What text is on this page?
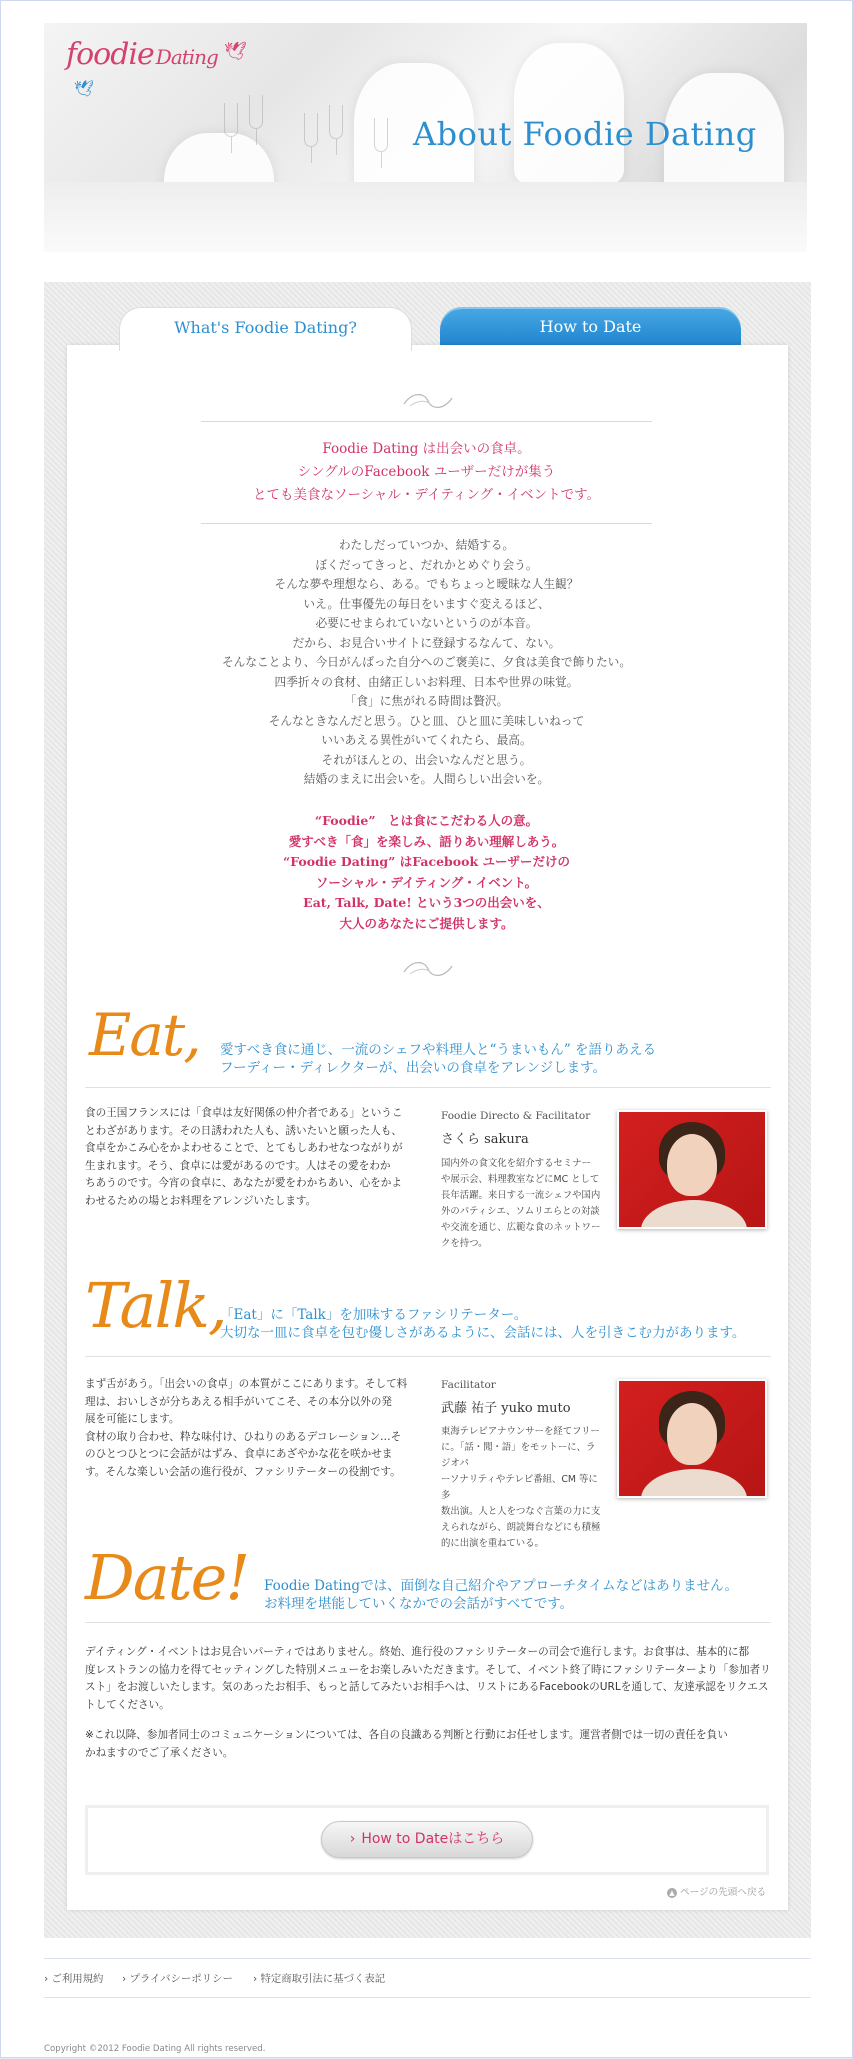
foodie Dating 🕊
🕊
About Foodie Dating
What's Foodie Dating?	How to Date
Foodie Dating は出会いの食卓。
シングルのFacebook ユーザーだけが集う
とても美食なソーシャル・デイティング・イベントです。
わたしだっていつか、結婚する。
ぼくだってきっと、だれかとめぐり会う。
そんな夢や理想なら、ある。でもちょっと曖昧な人生観？
いえ。仕事優先の毎日をいますぐ変えるほど、
必要にせまられていないというのが本音。
だから、お見合いサイトに登録するなんて、ない。
そんなことより、今日がんばった自分へのご褒美に、夕食は美食で飾りたい。
四季折々の食材、由緒正しいお料理、日本や世界の味覚。
「食」に焦がれる時間は贅沢。
そんなときなんだと思う。ひと皿、ひと皿に美味しいねって
いいあえる異性がいてくれたら、最高。
それがほんとの、出会いなんだと思う。
結婚のまえに出会いを。人間らしい出会いを。
“Foodie”　とは食にこだわる人の意。
愛すべき「食」を楽しみ、語りあい理解しあう。
“Foodie Dating” はFacebook ユーザーだけの
ソーシャル・デイティング・イベント。
Eat, Talk, Date! という3つの出会いを、
大人のあなたにご提供します。
Eat, 愛すべき食に通じ、一流のシェフや料理人と“うまいもん” を語りあえる
フーディー・ディレクターが、出会いの食卓をアレンジします。
食の王国フランスには「食卓は友好関係の仲介者である」というこ
とわざがあります。その日誘われた人も、誘いたいと願った人も、
食卓をかこみ心をかよわせることで、とてもしあわせなつながりが
生まれます。そう、食卓には愛があるのです。人はその愛をわか
ちあうのです。今宵の食卓に、あなたが愛をわかちあい、心をかよ
わせるための場とお料理をアレンジいたします。
Foodie Directo & Facilitator
さくら sakura
国内外の食文化を紹介するセミナー
や展示会、料理教室などにMC として
長年活躍。来日する一流シェフや国内
外のパティシエ、ソムリエらとの対談
や交流を通じ、広範な食のネットワー
クを持つ。
Talk,
「Eat」に「Talk」を加味するファシリテーター。
大切な一皿に食卓を包む優しさがあるように、会話には、人を引きこむ力があります。
まず舌があう。「出会いの食卓」の本質がここにあります。そして料
理は、おいしさが分ちあえる相手がいてこそ、その本分以外の発
展を可能にします。
食材の取り合わせ、粋な味付け、ひねりのあるデコレーション…そ
のひとつひとつに会話がはずみ、食卓にあざやかな花を咲かせま
す。そんな楽しい会話の進行役が、ファシリテーターの役割です。
Facilitator
武藤 祐子 yuko muto
東海テレビアナウンサーを経てフリー
に。「話・聞・語」をモットーに、ラジオパ
ーソナリティやテレビ番組、CM 等に多
数出演。人と人をつなぐ言葉の力に支
えられながら、朗読舞台などにも積極
的に出演を重ねている。
Date! Foodie Datingでは、面倒な自己紹介やアプローチタイムなどはありません。
お料理を堪能していくなかでの会話がすべてです。
デイティング・イベントはお見合いパーティではありません。終始、進行役のファシリテーターの司会で進行します。お食事は、基本的に都
度レストランの協力を得てセッティングした特別メニューをお楽しみいただきます。そして、イベント終了時にファシリテーターより「参加者リ
スト」をお渡しいたします。気のあったお相手、もっと話してみたいお相手へは、リストにあるFacebookのURLを通して、友達承認をリクエス
トしてください。
※これ以降、参加者同士のコミュニケーションについては、各自の良識ある判断と行動にお任せします。運営者側では一切の責任を負い
かねますのでご了承ください。
› How to Dateはこちら
▲ ページの先頭へ戻る
› ご利用規約 › プライバシーポリシー › 特定商取引法に基づく表記
Copyright ©2012 Foodie Dating All rights reserved.
